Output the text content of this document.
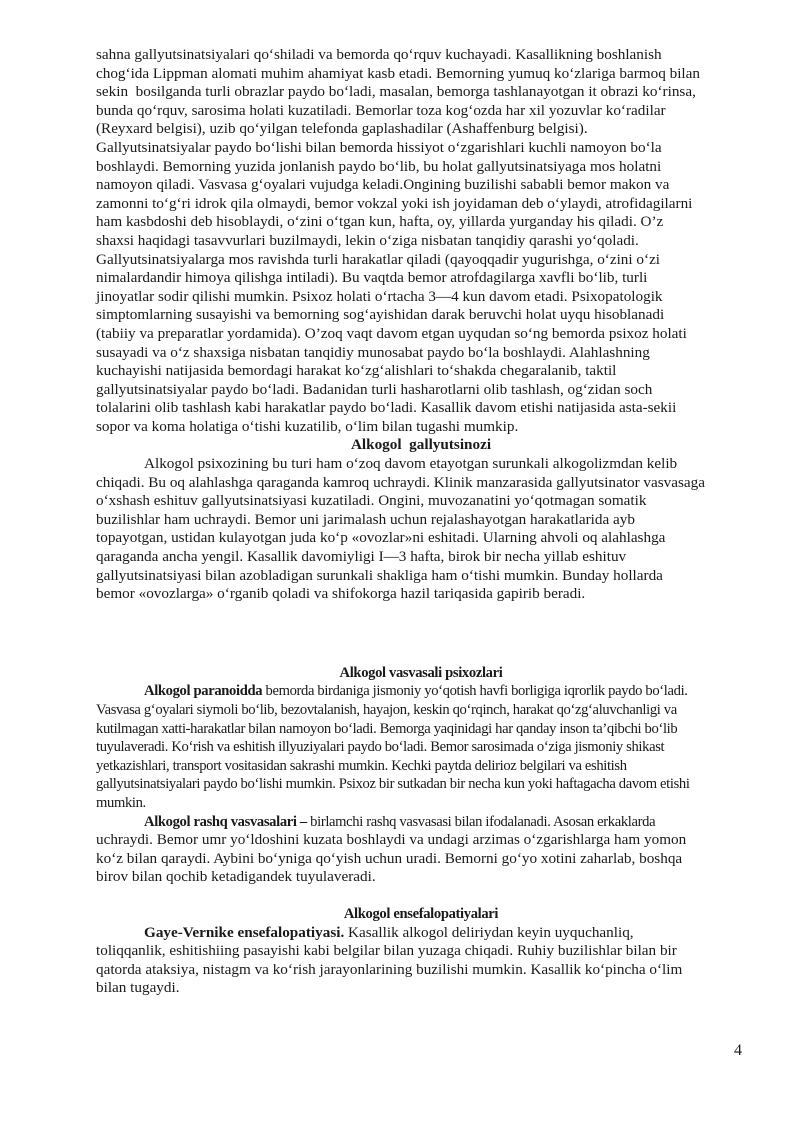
sahna gallyutsinatsiyalari qo‘shiladi va bemorda qo‘rquv kuchayadi. Kasallikning boshlanish
chog‘ida Lippman alomati muhim ahamiyat kasb etadi. Bemorning yumuq ko‘zlariga barmoq bilan
sekin  bosilganda turli obrazlar paydo bo‘ladi, masalan, bemorga tashlanayotgan it obrazi ko‘rinsa,
bunda qo‘rquv, sarosima holati kuzatiladi. Bemorlar toza kog‘ozda har xil yozuvlar ko‘radilar
(Reyxard belgisi), uzib qo‘yilgan telefonda gaplashadilar (Ashaffenburg belgisi).
Gallyutsinatsiyalar paydo bo‘lishi bilan bemorda hissiyot o‘zgarishlari kuchli namoyon bo‘la
boshlaydi. Bemorning yuzida jonlanish paydo bo‘lib, bu holat gallyutsinatsiyaga mos holatni
namoyon qiladi. Vasvasa g‘oyalari vujudga keladi.Ongining buzilishi sababli bemor makon va
zamonni to‘g‘ri idrok qila olmaydi, bemor vokzal yoki ish joyidaman deb o‘ylaydi, atrofidagilarni
ham kasbdoshi deb hisoblaydi, o‘zini o‘tgan kun, hafta, oy, yillarda yurganday his qiladi. O’z
shaxsi haqidagi tasavvurlari buzilmaydi, lekin o‘ziga nisbatan tanqidiy qarashi yo‘qoladi.
Gallyutsinatsiyalarga mos ravishda turli harakatlar qiladi (qayoqqadir yugurishga, o‘zini o‘zi
nimalardandir himoya qilishga intiladi). Bu vaqtda bemor atrofdagilarga xavfli bo‘lib, turli
jinoyatlar sodir qilishi mumkin. Psixoz holati o‘rtacha 3—4 kun davom etadi. Psixopatologik
simptomlarning susayishi va bemorning sog‘ayishidan darak beruvchi holat uyqu hisoblanadi
(tabiiy va preparatlar yordamida). O’zoq vaqt davom etgan uyqudan so‘ng bemorda psixoz holati
susayadi va o‘z shaxsiga nisbatan tanqidiy munosabat paydo bo‘la boshlaydi. Alahlashning
kuchayishi natijasida bemordagi harakat ko‘zg‘alishlari to‘shakda chegaralanib, taktil
gallyutsinatsiyalar paydo bo‘ladi. Badanidan turli hasharotlarni olib tashlash, og‘zidan soch
tolalarini olib tashlash kabi harakatlar paydo bo‘ladi. Kasallik davom etishi natijasida asta-sekii
sopor va koma holatiga o‘tishi kuzatilib, o‘lim bilan tugashi mumkip.
Alkogol  gallyutsinozi
Alkogol psixozining bu turi ham o‘zoq davom etayotgan surunkali alkogolizmdan kelib
chiqadi. Bu oq alahlashga qaraganda kamroq uchraydi. Klinik manzarasida gallyutsinator vasvasaga
o‘xshash eshituv gallyutsinatsiyasi kuzatiladi. Ongini, muvozanatini yo‘qotmagan somatik
buzilishlar ham uchraydi. Bemor uni jarimalash uchun rejalashayotgan harakatlarida ayb
topayotgan, ustidan kulayotgan juda ko‘p «ovozlar»ni eshitadi. Ularning ahvoli oq alahlashga
qaraganda ancha yengil. Kasallik davomiyligi I—3 hafta, birok bir necha yillab eshituv
gallyutsinatsiyasi bilan azobladigan surunkali shakliga ham o‘tishi mumkin. Bunday hollarda
bemor «ovozlarga» o‘rganib qoladi va shifokorga hazil tariqasida gapirib beradi.
Alkogol vasvasali psixozlari
Alkogol paranoidda bemorda birdaniga jismoniy yo‘qotish havfi borligiga iqrorlik paydo bo‘ladi.
Vasvasa g‘oyalari siymoli bo‘lib, bezovtalanish, hayajon, keskin qo‘rqinch, harakat qo‘zg‘aluvchanligi va
kutilmagan xatti-harakatlar bilan namoyon bo‘ladi. Bemorga yaqinidagi har qanday inson ta’qibchi bo‘lib
tuyulaveradi. Ko‘rish va eshitish illyuziyalari paydo bo‘ladi. Bemor sarosimada o‘ziga jismoniy shikast
yetkazishlari, transport vositasidan sakrashi mumkin. Kechki paytda delirioz belgilari va eshitish
gallyutsinatsiyalari paydo bo‘lishi mumkin. Psixoz bir sutkadan bir necha kun yoki haftagacha davom etishi
mumkin.
Alkogol rashq vasvasalari – birlamchi rashq vasvasasi bilan ifodalanadi. Asosan erkaklarda
uchraydi. Bemor umr yo‘ldoshini kuzata boshlaydi va undagi arzimas o‘zgarishlarga ham yomon
ko‘z bilan qaraydi. Aybini bo‘yniga qo‘yish uchun uradi. Bemorni go‘yo xotini zaharlab, boshqa
birov bilan qochib ketadigandek tuyulaveradi.
Alkogol ensefalopatiyalari
Gaye-Vernike ensefalopatiyasi. Kasallik alkogol deliriydan keyin uyquchanliq,
toliqqanlik, eshitishiing pasayishi kabi belgilar bilan yuzaga chiqadi. Ruhiy buzilishlar bilan bir
qatorda ataksiya, nistagm va ko‘rish jarayonlarining buzilishi mumkin. Kasallik ko‘pincha o‘lim
bilan tugaydi.
4
